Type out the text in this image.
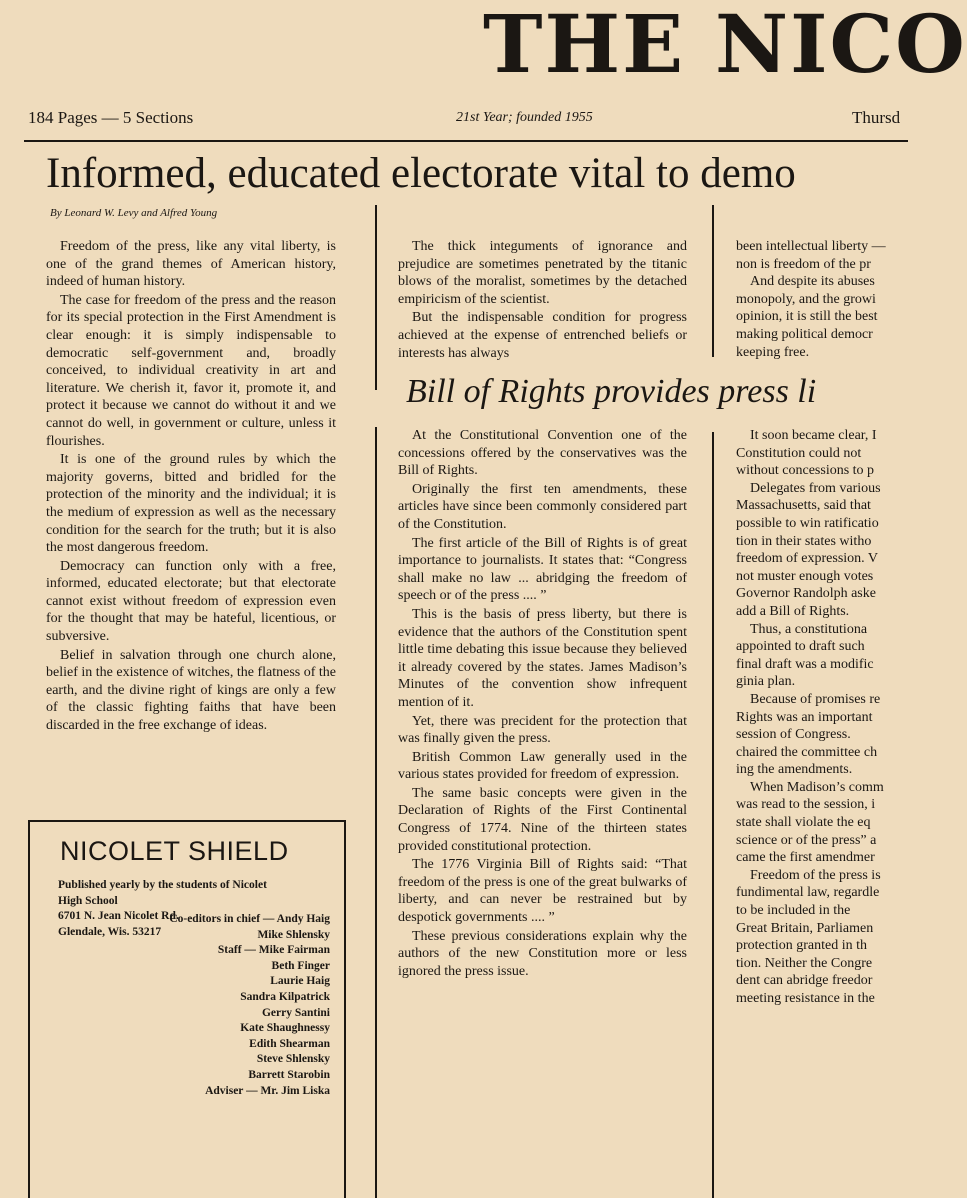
THE NICO
184 Pages — 5 Sections	21st Year; founded 1955	Thursd
Informed, educated electorate vital to demo
By Leonard W. Levy and Alfred Young

Freedom of the press, like any vital liberty, is one of the grand themes of American history, indeed of human history.

The case for freedom of the press and the reason for its special protection in the First Amendment is clear enough: it is simply indispensable to democratic self-government and, broadly conceived, to individual creativity in art and literature. We cherish it, favor it, promote it, and protect it because we cannot do without it and we cannot do well, in government or culture, unless it flourishes.

It is one of the ground rules by which the majority governs, bitted and bridled for the protection of the minority and the individual; it is the medium of expression as well as the necessary condition for the search for the truth; but it is also the most dangerous freedom.

Democracy can function only with a free, informed, educated electorate; but that electorate cannot exist without freedom of expression even for the thought that may be hateful, licentious, or subversive.

Belief in salvation through one church alone, belief in the existence of witches, the flatness of the earth, and the divine right of kings are only a few of the classic fighting faiths that have been discarded in the free exchange of ideas.

The thick integuments of ignorance and prejudice are sometimes penetrated by the titanic blows of the moralist, sometimes by the detached empiricism of the scientist.

But the indispensable condition for progress achieved at the expense of entrenched beliefs or interests has always

been intellectual liberty —
non is freedom of the pr
And despite its abuses
monopoly, and the growi
opinion, it is still the best
making political democr
keeping free.
Bill of Rights provides press li

At the Constitutional Convention one of the concessions offered by the conservatives was the Bill of Rights.

Originally the first ten amendments, these articles have since been commonly considered part of the Constitution.

The first article of the Bill of Rights is of great importance to journalists. It states that: “Congress shall make no law ... abridging the freedom of speech or of the press .... ”

This is the basis of press liberty, but there is evidence that the authors of the Constitution spent little time debating this issue because they believed it already covered by the states. James Madison’s Minutes of the convention show infrequent mention of it.

Yet, there was precident for the protection that was finally given the press.

British Common Law generally used in the various states provided for freedom of expression.

The same basic concepts were given in the Declaration of Rights of the First Continental Congress of 1774. Nine of the thirteen states provided constitutional protection.

The 1776 Virginia Bill of Rights said: “That freedom of the press is one of the great bulwarks of liberty, and can never be restrained but by despotick governments .... ”

These previous considerations explain why the authors of the new Constitution more or less ignored the press issue.

It soon became clear, I
Constitution could not
without concessions to p
Delegates from various
Massachusetts, said that
possible to win ratificatio
tion in their states witho
freedom of expression. V
not muster enough votes
Governor Randolph aske
add a Bill of Rights.
Thus, a constitutiona
appointed to draft such
final draft was a modific
ginia plan.
Because of promises re
Rights was an important
session of Congress.
chaired the committee ch
ing the amendments.
When Madison’s comm
was read to the session, i
state shall violate the eq
science or of the press” a
came the first amendmer
Freedom of the press is
fundimental law, regardle
to be included in the
Great Britain, Parliamen
protection granted in th
tion. Neither the Congre
dent can abridge freedor
meeting resistance in the
NICOLET SHIELD
Published yearly by the students of Nicolet
High School
6701 N. Jean Nicolet Rd.
Glendale, Wis. 53217
Co-editors in chief — Andy Haig
Mike Shlensky
Staff — Mike Fairman
Beth Finger
Laurie Haig
Sandra Kilpatrick
Gerry Santini
Kate Shaughnessy
Edith Shearman
Steve Shlensky
Barrett Starobin
Adviser — Mr. Jim Liska
